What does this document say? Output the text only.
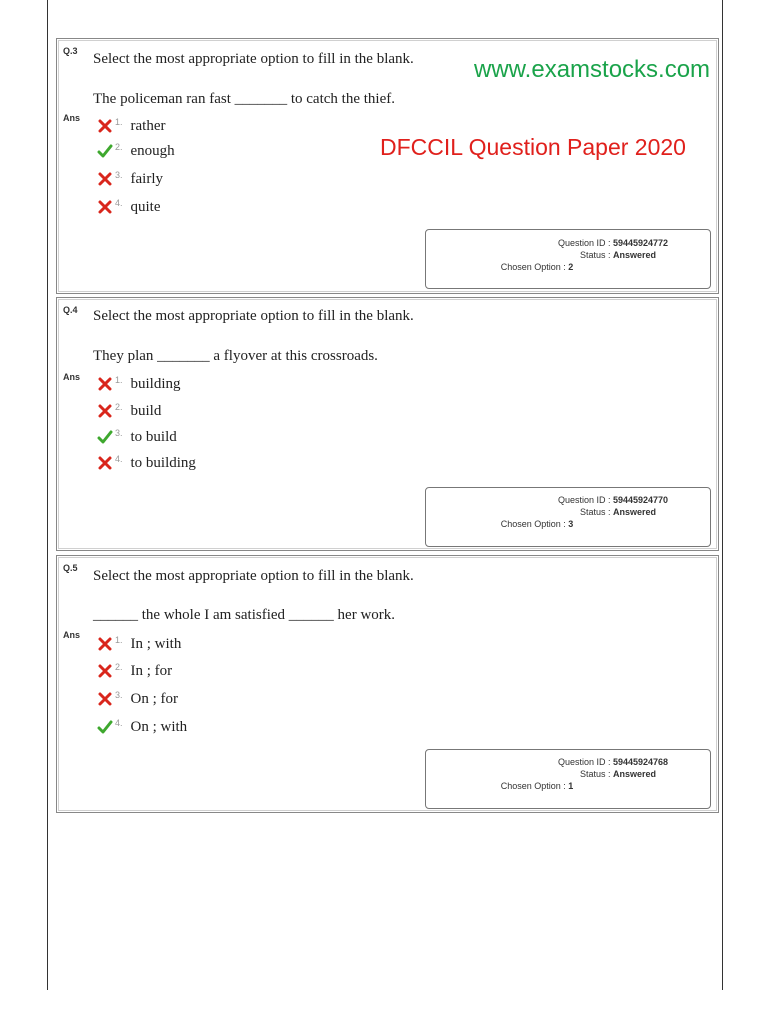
Q.3 Select the most appropriate option to fill in the blank.
The policeman ran fast _______ to catch the thief.
Ans	1. rather
2. enough
3. fairly
4. quite
Question ID : 59445924772
Status : Answered
Chosen Option : 2
Q.4 Select the most appropriate option to fill in the blank.
They plan _______ a flyover at this crossroads.
Ans	1. building
2. build
3. to build
4. to building
Question ID : 59445924770
Status : Answered
Chosen Option : 3
Q.5 Select the most appropriate option to fill in the blank.
______ the whole I am satisfied ______ her work.
Ans	1. In ; with
2. In ; for
3. On ; for
4. On ; with
Question ID : 59445924768
Status : Answered
Chosen Option : 1
www.examstocks.com
DFCCIL Question Paper 2020
